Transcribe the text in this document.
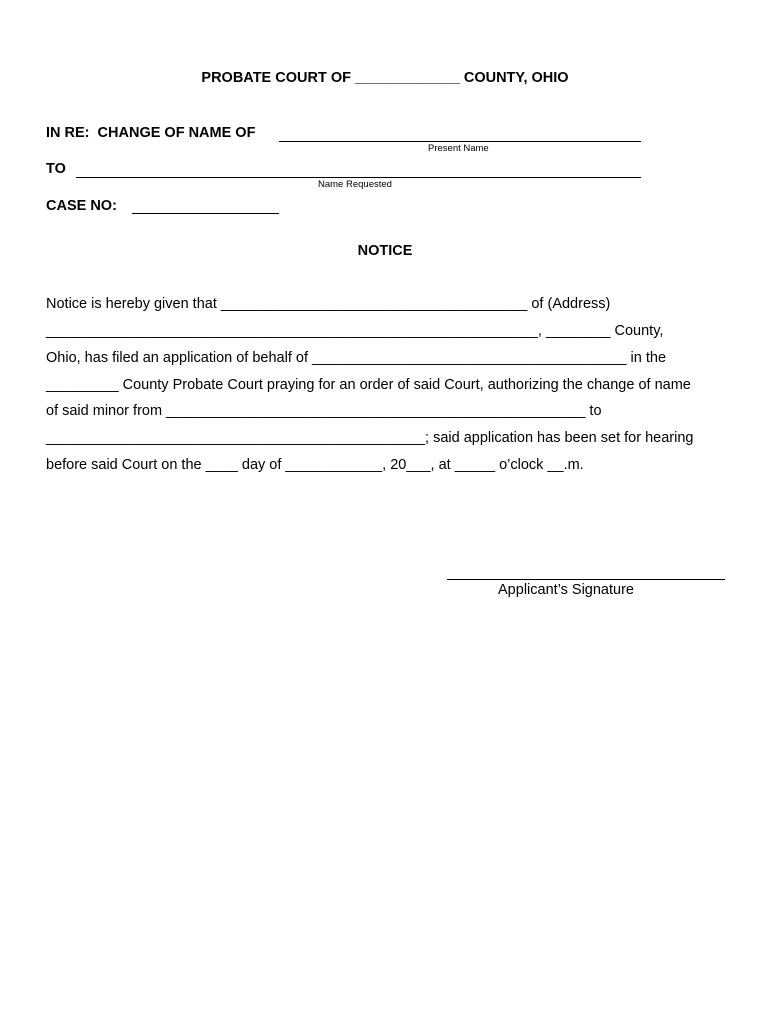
PROBATE COURT OF _____________ COUNTY, OHIO
IN RE:  CHANGE OF NAME OF
Present Name
TO
Name Requested
CASE NO:
NOTICE
Notice is hereby given that ______________________________________ of (Address)
_____________________________________________________________, ________ County,
Ohio, has filed an application of behalf of _______________________________________ in the
_________ County Probate Court praying for an order of said Court, authorizing the change of name
of said minor from ____________________________________________________ to
_______________________________________________; said application has been set for hearing
before said Court on the ____ day of ____________, 20___, at _____ o’clock __.m.
Applicant’s Signature
